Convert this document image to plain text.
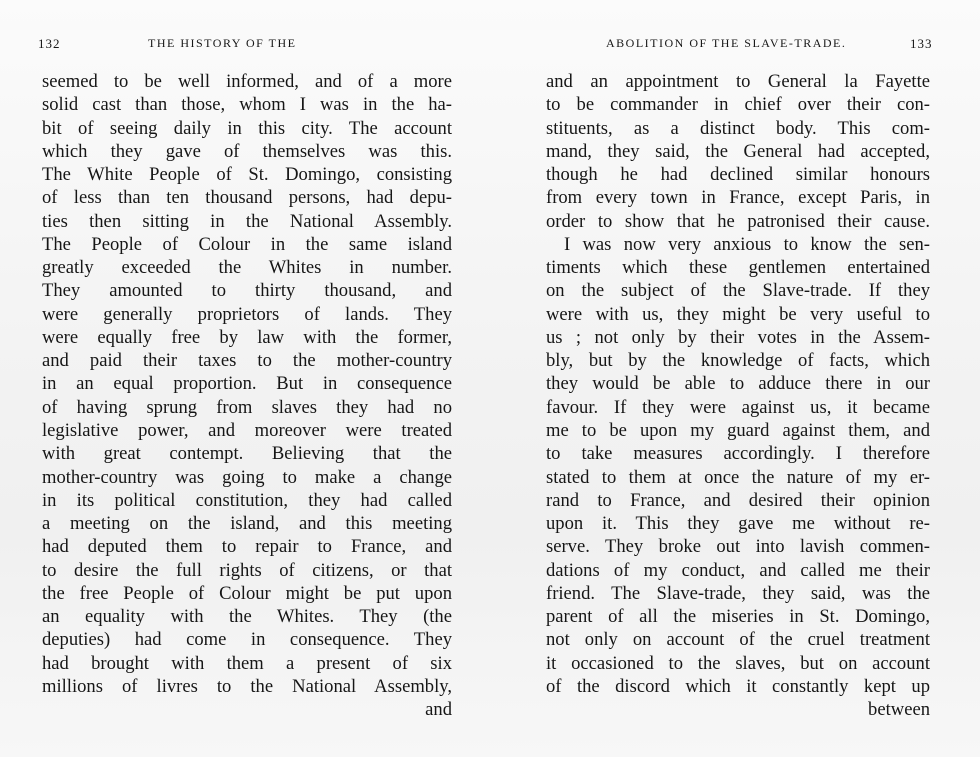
132	THE HISTORY OF THE
seemed to be well informed, and of a more
solid cast than those, whom I was in the ha-
bit of seeing daily in this city. The account
which they gave of themselves was this.
The White People of St. Domingo, consisting
of less than ten thousand persons, had depu-
ties then sitting in the National Assembly.
The People of Colour in the same island
greatly exceeded the Whites in number.
They amounted to thirty thousand, and
were generally proprietors of lands. They
were equally free by law with the former,
and paid their taxes to the mother-country
in an equal proportion. But in consequence
of having sprung from slaves they had no
legislative power, and moreover were treated
with great contempt. Believing that the
mother-country was going to make a change
in its political constitution, they had called
a meeting on the island, and this meeting
had deputed them to repair to France, and
to desire the full rights of citizens, or that
the free People of Colour might be put upon
an equality with the Whites. They (the
deputies) had come in consequence. They
had brought with them a present of six
millions of livres to the National Assembly,
and
ABOLITION OF THE SLAVE-TRADE.	133
and an appointment to General la Fayette
to be commander in chief over their con-
stituents, as a distinct body. This com-
mand, they said, the General had accepted,
though he had declined similar honours
from every town in France, except Paris, in
order to show that he patronised their cause.
I was now very anxious to know the sen-
timents which these gentlemen entertained
on the subject of the Slave-trade. If they
were with us, they might be very useful to
us ; not only by their votes in the Assem-
bly, but by the knowledge of facts, which
they would be able to adduce there in our
favour. If they were against us, it became
me to be upon my guard against them, and
to take measures accordingly. I therefore
stated to them at once the nature of my er-
rand to France, and desired their opinion
upon it. This they gave me without re-
serve. They broke out into lavish commen-
dations of my conduct, and called me their
friend. The Slave-trade, they said, was the
parent of all the miseries in St. Domingo,
not only on account of the cruel treatment
it occasioned to the slaves, but on account
of the discord which it constantly kept up
between
